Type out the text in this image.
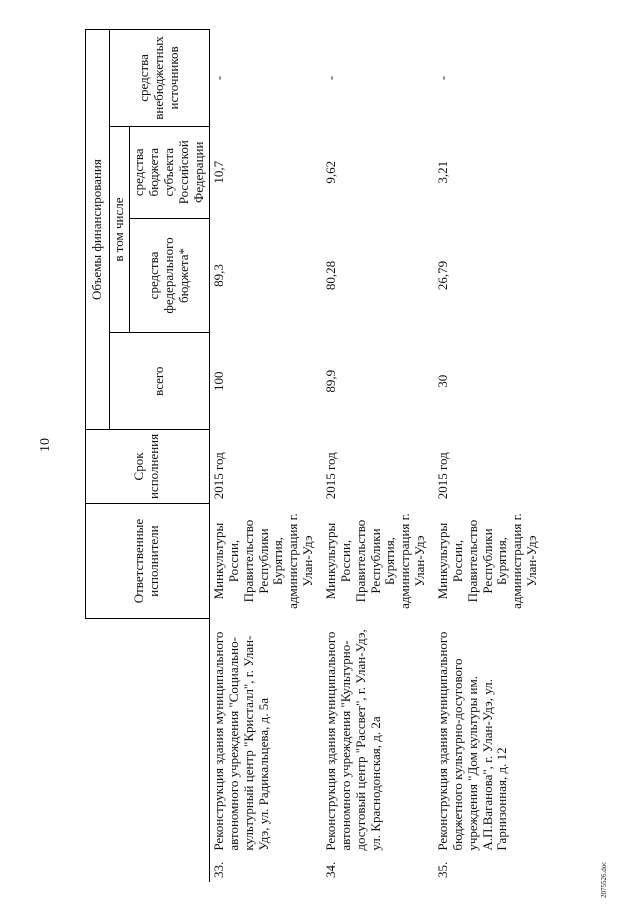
10
2075526.doc
		Ответственные исполнители	Срок исполнения	Объемы финансирования			
				всего	в том числе		средства внебюджетных источников
					средства федерального бюджета*	средства бюджета субъекта Российской Федерации	
33.	Реконструкция здания муниципального автономного учреждения "Социально-культурный центр "Кристалл", г. Улан-Удэ, ул. Радикальцева, д. 5а	Минкультуры России, Правительство Республики Бурятия, администрация г. Улан-Удэ	2015 год	100	89,3	10,7	-
34.	Реконструкция здания муниципального автономного учреждения "Культурно-досуговый центр "Рассвет", г. Улан-Удэ, ул. Краснодонская, д. 2а	Минкультуры России, Правительство Республики Бурятия, администрация г. Улан-Удэ	2015 год	89,9	80,28	9,62	-
35.	Реконструкция здания муниципального бюджетного культурно-досугового учреждения "Дом культуры им. А.П.Ваганова", г. Улан-Удэ, ул. Гарнизонная, д. 12	Минкультуры России, Правительство Республики Бурятия, администрация г. Улан-Удэ	2015 год	30	26,79	3,21	-
